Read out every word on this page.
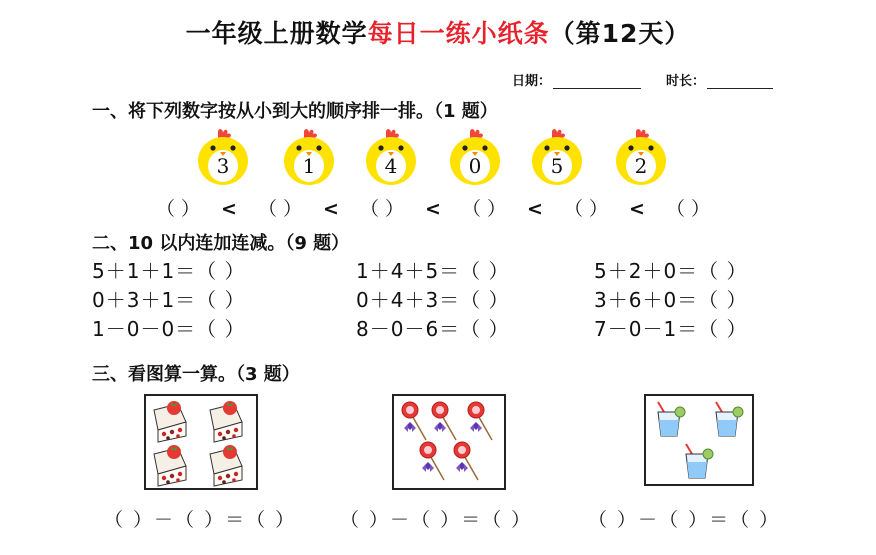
一年级上册数学每日一练小纸条（第12天）
日期：	时长：
一、将下列数字按从小到大的顺序排一排。（1 题）
3	1	4	0	5	2
（ ） < （ ） < （ ） < （ ） < （ ） < （ ）
二、10 以内连加连减。（9 题）
5＋1＋1＝（ ）	1＋4＋5＝（ ）	5＋2＋0＝（ ）
0＋3＋1＝（ ）	0＋4＋3＝（ ）	3＋6＋0＝（ ）
1－0－0＝（ ）	8－0－6＝（ ）	7－0－1＝（ ）
三、看图算一算。（3 题）
（ ）－（ ）＝（ ） （ ）－（ ）＝（ ）	（ ）－（ ）＝（ ）
